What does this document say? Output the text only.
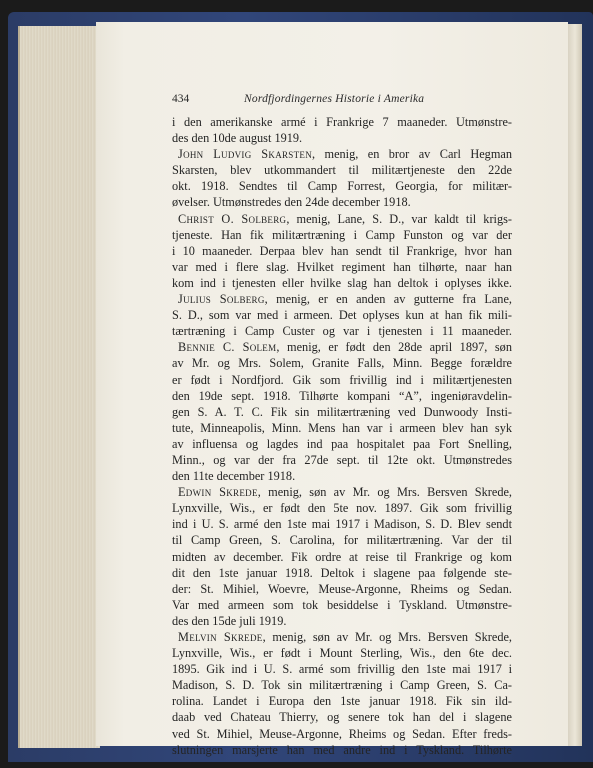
434	Nordfjordingernes Historie i Amerika
i den amerikanske armé i Frankrige 7 maaneder. Utmønstre-
des den 10de august 1919.
John Ludvig Skarsten, menig, en bror av Carl Hegman
Skarsten, blev utkommandert til militærtjeneste den 22de
okt. 1918. Sendtes til Camp Forrest, Georgia, for militær-
øvelser. Utmønstredes den 24de december 1918.
Christ O. Solberg, menig, Lane, S. D., var kaldt til krigs-
tjeneste. Han fik militærtræning i Camp Funston og var der
i 10 maaneder. Derpaa blev han sendt til Frankrige, hvor han
var med i flere slag. Hvilket regiment han tilhørte, naar han
kom ind i tjenesten eller hvilke slag han deltok i oplyses ikke.
Julius Solberg, menig, er en anden av gutterne fra Lane,
S. D., som var med i armeen. Det oplyses kun at han fik mili-
tærtræning i Camp Custer og var i tjenesten i 11 maaneder.
Bennie C. Solem, menig, er født den 28de april 1897, søn
av Mr. og Mrs. Solem, Granite Falls, Minn. Begge forældre
er født i Nordfjord. Gik som frivillig ind i militærtjenesten
den 19de sept. 1918. Tilhørte kompani “A”, ingeniøravdelin-
gen S. A. T. C. Fik sin militærtræning ved Dunwoody Insti-
tute, Minneapolis, Minn. Mens han var i armeen blev han syk
av influensa og lagdes ind paa hospitalet paa Fort Snelling,
Minn., og var der fra 27de sept. til 12te okt. Utmønstredes
den 11te december 1918.
Edwin Skrede, menig, søn av Mr. og Mrs. Bersven Skrede,
Lynxville, Wis., er født den 5te nov. 1897. Gik som frivillig
ind i U. S. armé den 1ste mai 1917 i Madison, S. D. Blev sendt
til Camp Green, S. Carolina, for militærtræning. Var der til
midten av december. Fik ordre at reise til Frankrige og kom
dit den 1ste januar 1918. Deltok i slagene paa følgende ste-
der: St. Mihiel, Woevre, Meuse-Argonne, Rheims og Sedan.
Var med armeen som tok besiddelse i Tyskland. Utmønstre-
des den 15de juli 1919.
Melvin Skrede, menig, søn av Mr. og Mrs. Bersven Skrede,
Lynxville, Wis., er født i Mount Sterling, Wis., den 6te dec.
1895. Gik ind i U. S. armé som frivillig den 1ste mai 1917 i
Madison, S. D. Tok sin militærtræning i Camp Green, S. Ca-
rolina. Landet i Europa den 1ste januar 1918. Fik sin ild-
daab ved Chateau Thierry, og senere tok han del i slagene
ved St. Mihiel, Meuse-Argonne, Rheims og Sedan. Efter freds-
slutningen marsjerte han med andre ind i Tyskland. Tilhørte
